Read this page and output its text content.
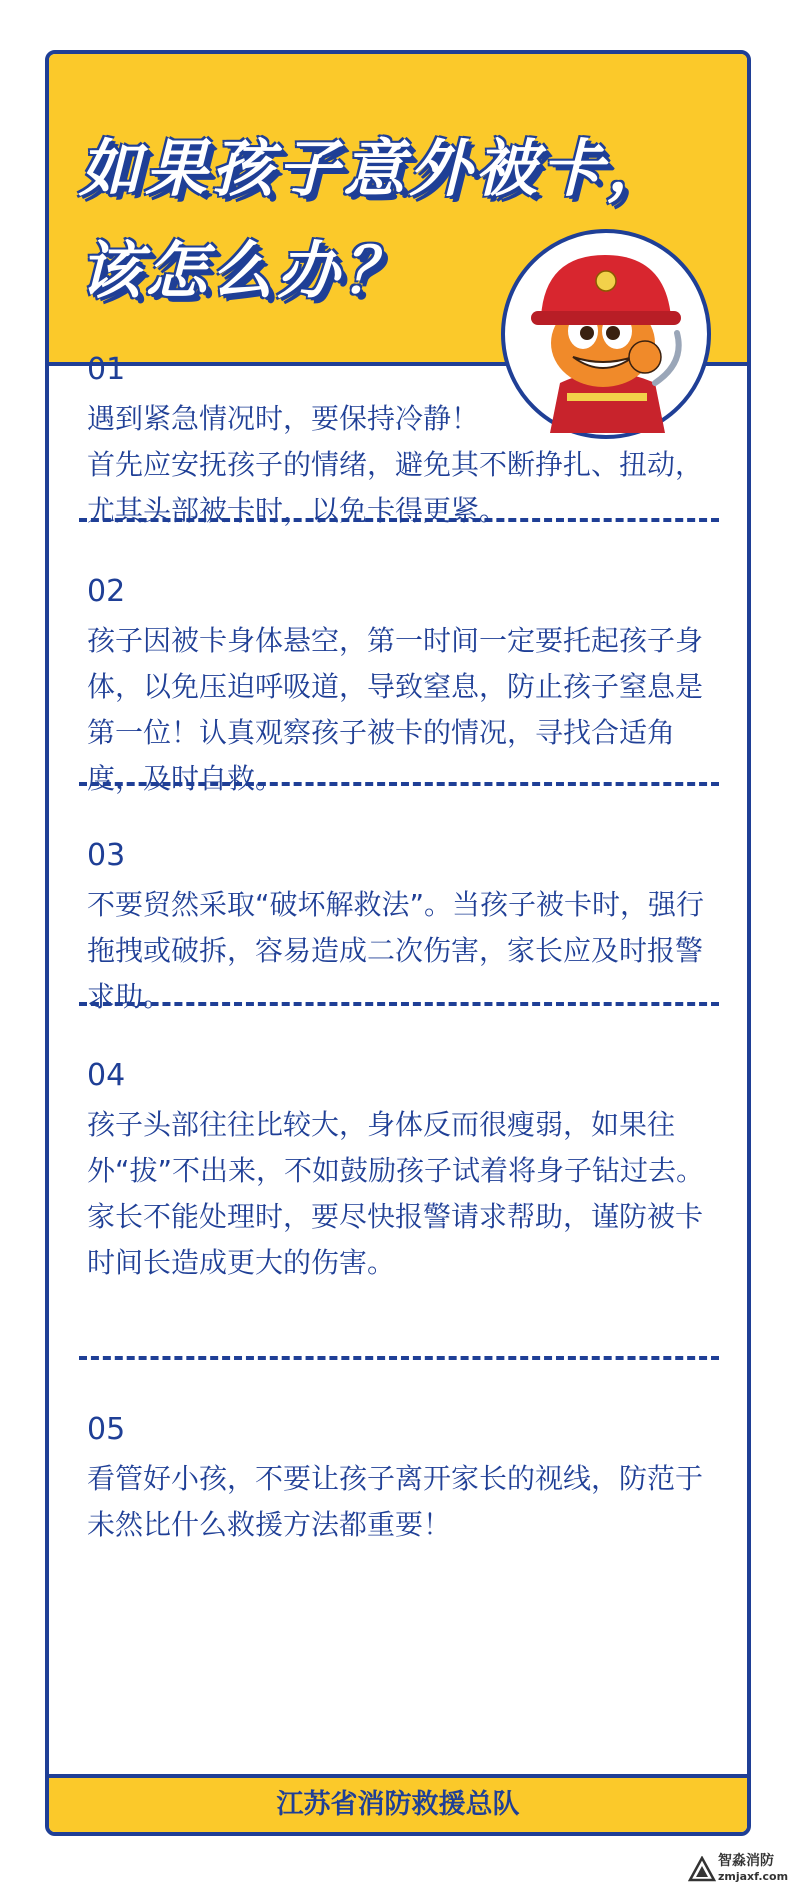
如果孩子意外被卡，
该怎么办？
01

遇到紧急情况时，要保持冷静！

首先应安抚孩子的情绪，避免其不断挣扎、扭动，尤其头部被卡时，以免卡得更紧。

02

孩子因被卡身体悬空，第一时间一定要托起孩子身体，以免压迫呼吸道，导致窒息，防止孩子窒息是第一位！认真观察孩子被卡的情况，寻找合适角度，及时自救。

03

不要贸然采取“破坏解救法”。当孩子被卡时，强行拖拽或破拆，容易造成二次伤害，家长应及时报警求助。

04

孩子头部往往比较大，身体反而很瘦弱，如果往外“拔”不出来，不如鼓励孩子试着将身子钻过去。

家长不能处理时，要尽快报警请求帮助，谨防被卡时间长造成更大的伤害。

05

看管好小孩，不要让孩子离开家长的视线，防范于未然比什么救援方法都重要！

江苏省消防救援总队
智淼消防
zmjaxf.com
